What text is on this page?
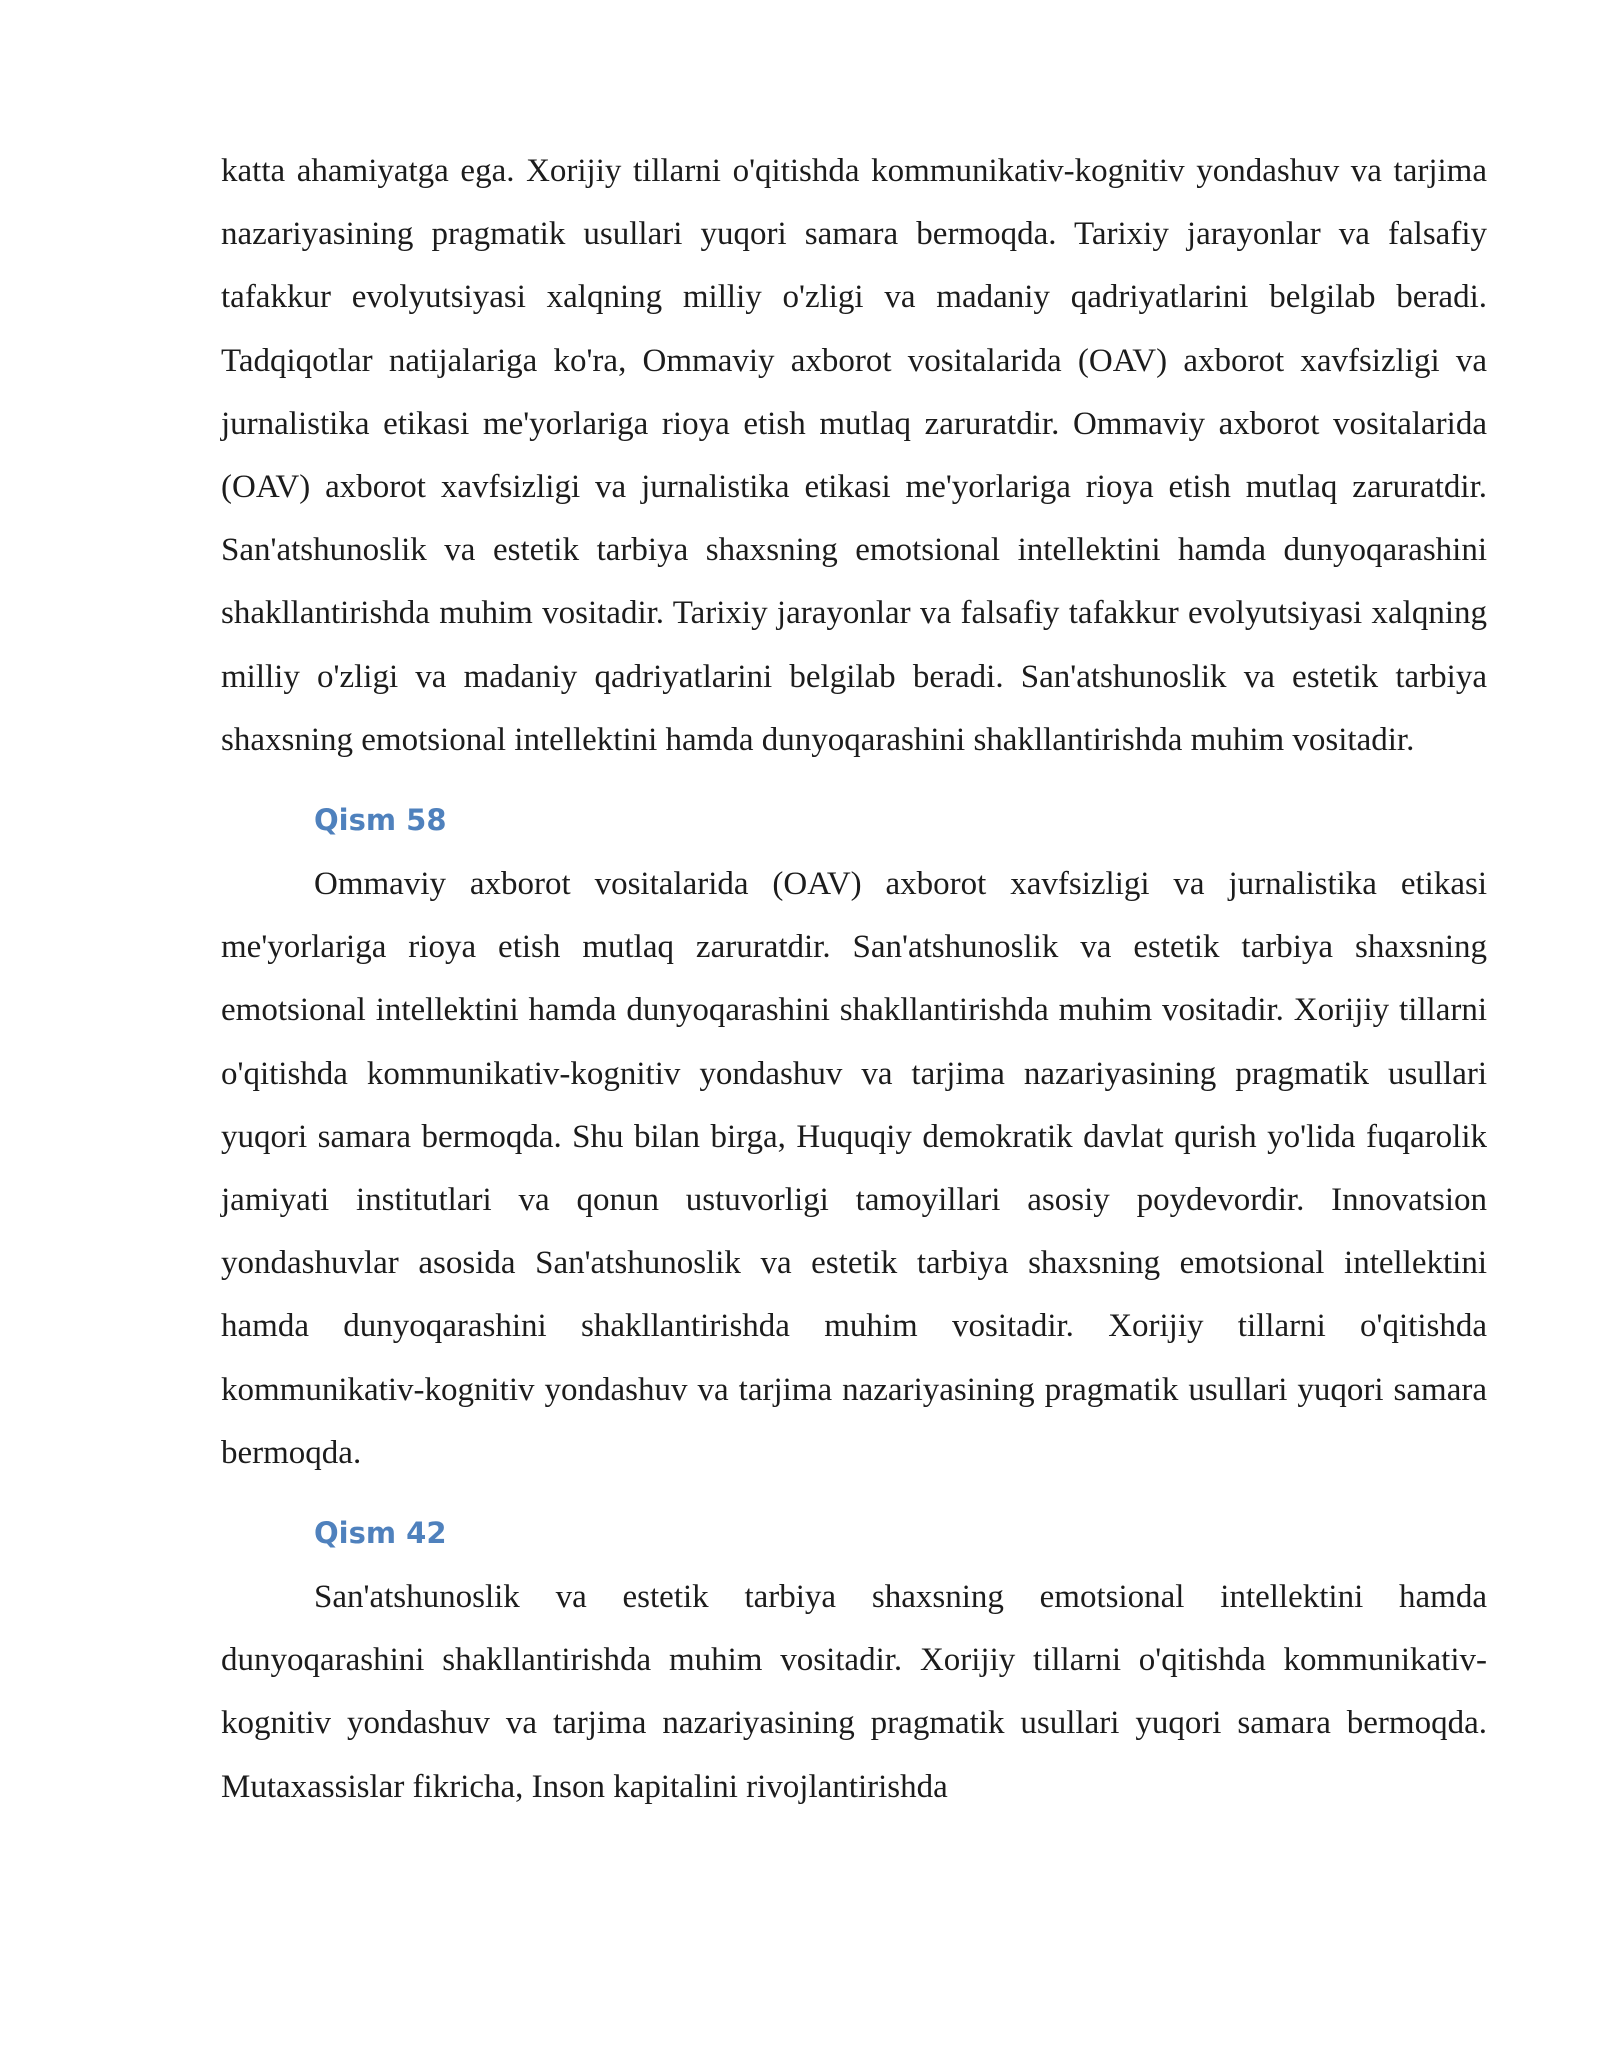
katta ahamiyatga ega. Xorijiy tillarni o'qitishda kommunikativ-kognitiv yondashuv va tarjima nazariyasining pragmatik usullari yuqori samara bermoqda. Tarixiy jarayonlar va falsafiy tafakkur evolyutsiyasi xalqning milliy o'zligi va madaniy qadriyatlarini belgilab beradi. Tadqiqotlar natijalariga ko'ra, Ommaviy axborot vositalarida (OAV) axborot xavfsizligi va jurnalistika etikasi me'yorlariga rioya etish mutlaq zaruratdir. Ommaviy axborot vositalarida (OAV) axborot xavfsizligi va jurnalistika etikasi me'yorlariga rioya etish mutlaq zaruratdir. San'atshunoslik va estetik tarbiya shaxsning emotsional intellektini hamda dunyoqarashini shakllantirishda muhim vositadir. Tarixiy jarayonlar va falsafiy tafakkur evolyutsiyasi xalqning milliy o'zligi va madaniy qadriyatlarini belgilab beradi. San'atshunoslik va estetik tarbiya shaxsning emotsional intellektini hamda dunyoqarashini shakllantirishda muhim vositadir.

Qism 58

Ommaviy axborot vositalarida (OAV) axborot xavfsizligi va jurnalistika etikasi me'yorlariga rioya etish mutlaq zaruratdir. San'atshunoslik va estetik tarbiya shaxsning emotsional intellektini hamda dunyoqarashini shakllantirishda muhim vositadir. Xorijiy tillarni o'qitishda kommunikativ-kognitiv yondashuv va tarjima nazariyasining pragmatik usullari yuqori samara bermoqda. Shu bilan birga, Huquqiy demokratik davlat qurish yo'lida fuqarolik jamiyati institutlari va qonun ustuvorligi tamoyillari asosiy poydevordir. Innovatsion yondashuvlar asosida San'atshunoslik va estetik tarbiya shaxsning emotsional intellektini hamda dunyoqarashini shakllantirishda muhim vositadir. Xorijiy tillarni o'qitishda kommunikativ-kognitiv yondashuv va tarjima nazariyasining pragmatik usullari yuqori samara bermoqda.

Qism 42

San'atshunoslik va estetik tarbiya shaxsning emotsional intellektini hamda dunyoqarashini shakllantirishda muhim vositadir. Xorijiy tillarni o'qitishda kommunikativ-kognitiv yondashuv va tarjima nazariyasining pragmatik usullari yuqori samara bermoqda. Mutaxassislar fikricha, Inson kapitalini rivojlantirishda
